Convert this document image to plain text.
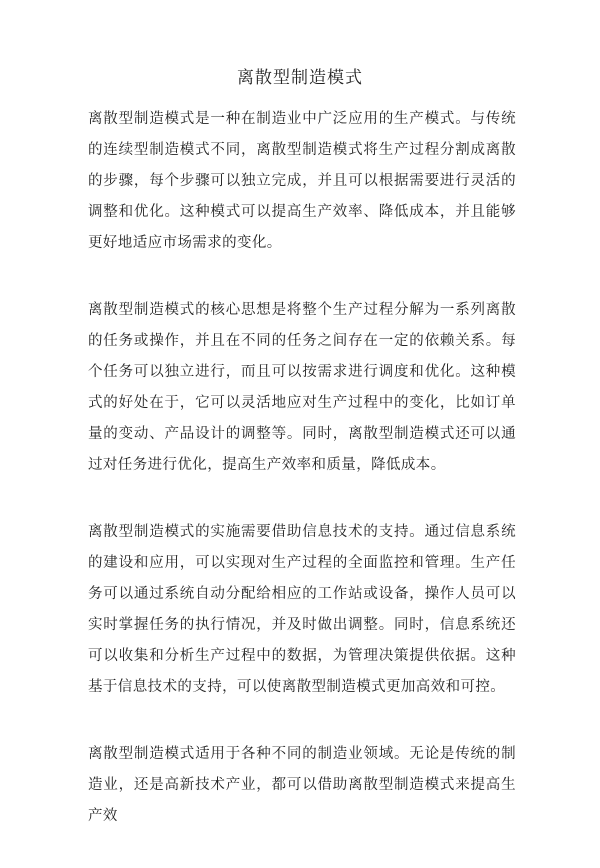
离散型制造模式

离散型制造模式是一种在制造业中广泛应用的生产模式。与传统的连续型制造模式不同，离散型制造模式将生产过程分割成离散的步骤，每个步骤可以独立完成，并且可以根据需要进行灵活的调整和优化。这种模式可以提高生产效率、降低成本，并且能够更好地适应市场需求的变化。

离散型制造模式的核心思想是将整个生产过程分解为一系列离散的任务或操作，并且在不同的任务之间存在一定的依赖关系。每个任务可以独立进行，而且可以按需求进行调度和优化。这种模式的好处在于，它可以灵活地应对生产过程中的变化，比如订单量的变动、产品设计的调整等。同时，离散型制造模式还可以通过对任务进行优化，提高生产效率和质量，降低成本。

离散型制造模式的实施需要借助信息技术的支持。通过信息系统的建设和应用，可以实现对生产过程的全面监控和管理。生产任务可以通过系统自动分配给相应的工作站或设备，操作人员可以实时掌握任务的执行情况，并及时做出调整。同时，信息系统还可以收集和分析生产过程中的数据，为管理决策提供依据。这种基于信息技术的支持，可以使离散型制造模式更加高效和可控。

离散型制造模式适用于各种不同的制造业领域。无论是传统的制造业，还是高新技术产业，都可以借助离散型制造模式来提高生产效
